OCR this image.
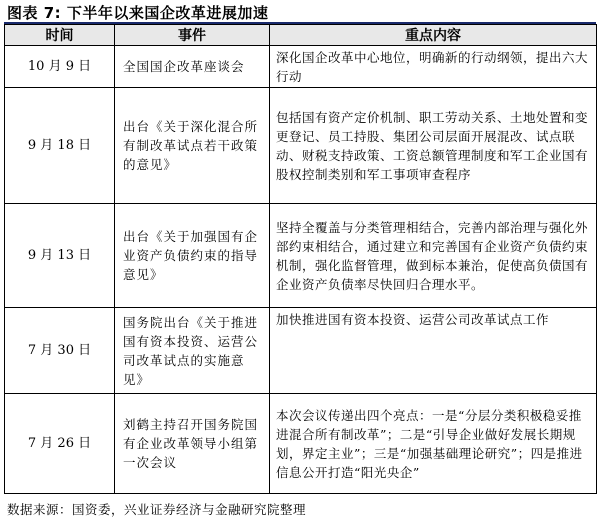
图表 7: 下半年以来国企改革进展加速
时间	事件	重点内容
10 月 9 日	全国国企改革座谈会	深化国企改革中心地位，明确新的行动纲领，提出六大行动
9 月 18 日	出台《关于深化混合所有制改革试点若干政策的意见》	包括国有资产定价机制、职工劳动关系、土地处置和变更登记、员工持股、集团公司层面开展混改、试点联动、财税支持政策、工资总额管理制度和军工企业国有股权控制类别和军工事项审查程序
9 月 13 日	出台《关于加强国有企业资产负债约束的指导意见》	坚持全覆盖与分类管理相结合，完善内部治理与强化外部约束相结合，通过建立和完善国有企业资产负债约束机制，强化监督管理，做到标本兼治，促使高负债国有企业资产负债率尽快回归合理水平。
7 月 30 日	国务院出台《关于推进国有资本投资、运营公司改革试点的实施意见》	加快推进国有资本投资、运营公司改革试点工作
7 月 26 日	刘鹤主持召开国务院国有企业改革领导小组第一次会议	本次会议传递出四个亮点：一是“分层分类积极稳妥推进混合所有制改革”；二是“引导企业做好发展长期规划，界定主业”；三是“加强基础理论研究”；四是推进信息公开打造“阳光央企”
数据来源：国资委，兴业证券经济与金融研究院整理
